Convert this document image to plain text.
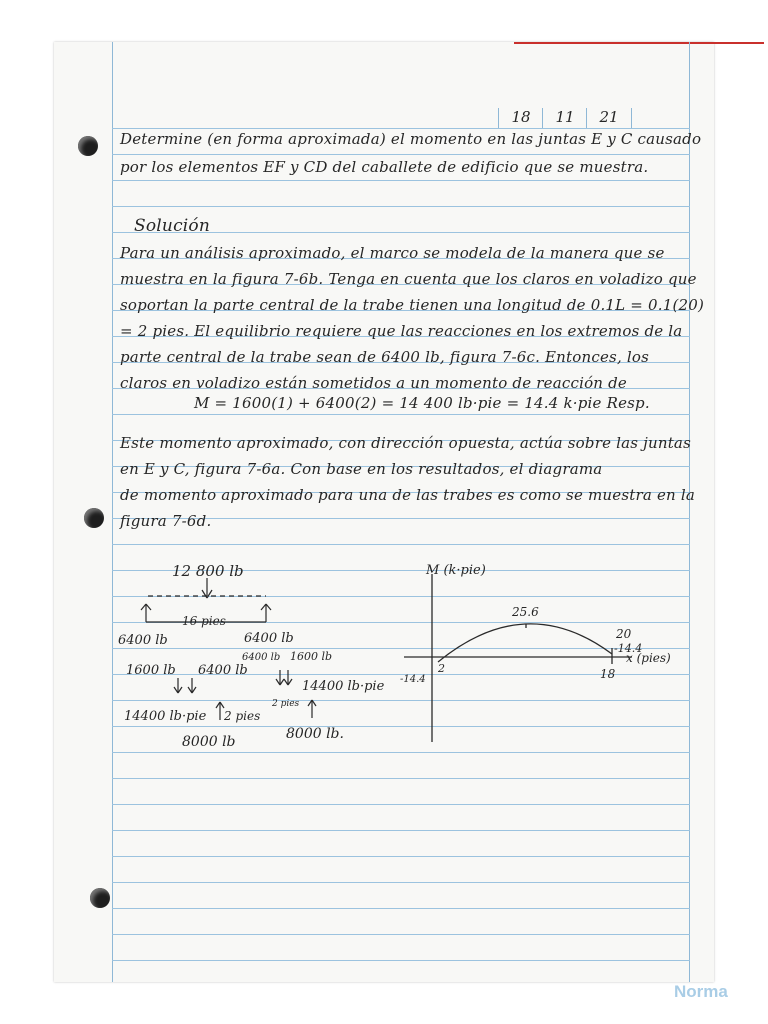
18	11	21
Determine (en forma aproximada) el momento en las juntas E y C causado
por los elementos EF y CD del caballete de edificio que se muestra.
Solución
Para un análisis aproximado, el marco se modela de la manera que se
muestra en la figura 7-6b. Tenga en cuenta que los claros en voladizo que
soportan la parte central de la trabe tienen una longitud de 0.1L = 0.1(20)
= 2 pies. El equilibrio requiere que las reacciones en los extremos de la
parte central de la trabe sean de 6400 lb, figura 7-6c. Entonces, los
claros en voladizo están sometidos a un momento de reacción de
M = 1600(1) + 6400(2) = 14 400 lb·pie = 14.4 k·pie Resp.
Este momento aproximado, con dirección opuesta, actúa sobre las juntas
en E y C, figura 7-6a. Con base en los resultados, el diagrama
de momento aproximado para una de las trabes es como se muestra en la
figura 7-6d.
12 800 lb
16 pies
6400 lb	6400 lb
1600 lb 6400 lb
6400 lb 1600 lb
14400 lb·pie
14400 lb·pie 2 pies
2 pies
8000 lb	8000 lb.
M (k·pie)
x (pies)
25.6
-14.4
-14.4
2	18
20
Norma
